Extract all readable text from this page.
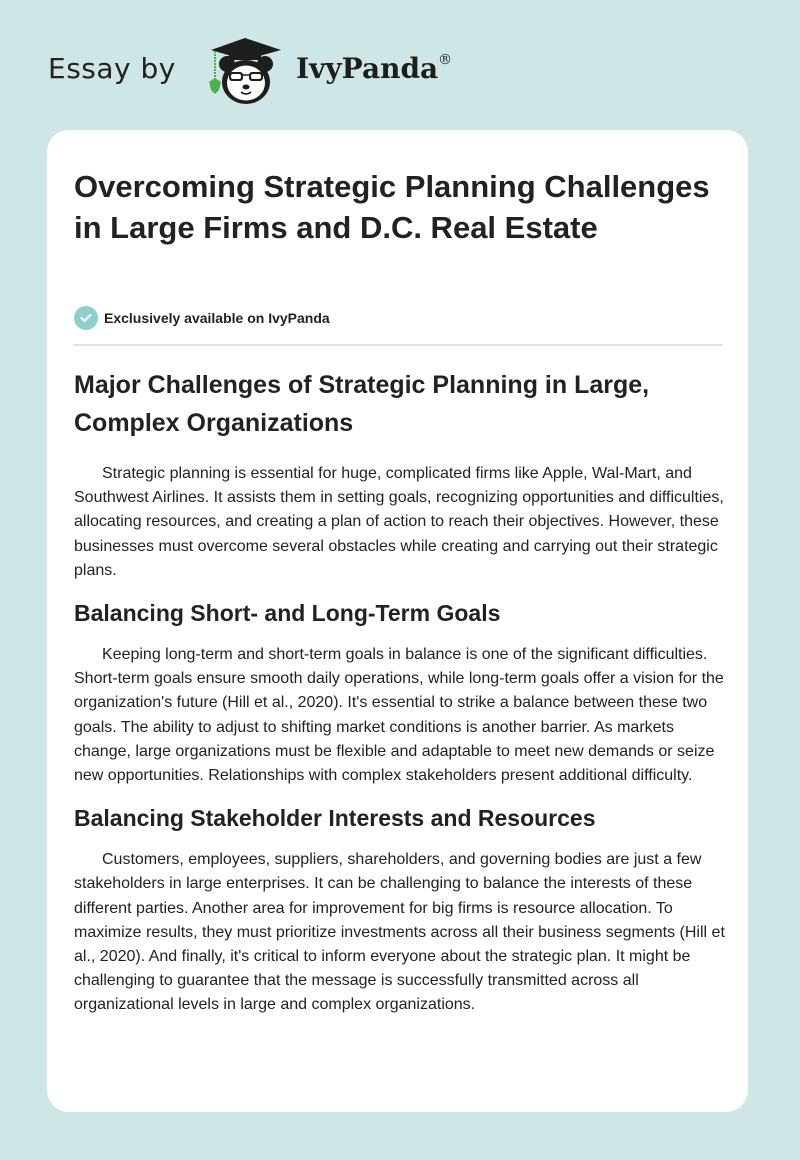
Essay by	IvyPanda®
Overcoming Strategic Planning Challenges in Large Firms and D.C. Real Estate
Exclusively available on IvyPanda
Major Challenges of Strategic Planning in Large, Complex Organizations

Strategic planning is essential for huge, complicated firms like Apple, Wal-Mart, and Southwest Airlines. It assists them in setting goals, recognizing opportunities and difficulties, allocating resources, and creating a plan of action to reach their objectives. However, these businesses must overcome several obstacles while creating and carrying out their strategic plans.

Balancing Short- and Long-Term Goals

Keeping long-term and short-term goals in balance is one of the significant difficulties. Short-term goals ensure smooth daily operations, while long-term goals offer a vision for the organization's future (Hill et al., 2020). It's essential to strike a balance between these two goals. The ability to adjust to shifting market conditions is another barrier. As markets change, large organizations must be flexible and adaptable to meet new demands or seize new opportunities. Relationships with complex stakeholders present additional difficulty.

Balancing Stakeholder Interests and Resources

Customers, employees, suppliers, shareholders, and governing bodies are just a few stakeholders in large enterprises. It can be challenging to balance the interests of these different parties. Another area for improvement for big firms is resource allocation. To maximize results, they must prioritize investments across all their business segments (Hill et al., 2020). And finally, it's critical to inform everyone about the strategic plan. It might be challenging to guarantee that the message is successfully transmitted across all organizational levels in large and complex organizations.
